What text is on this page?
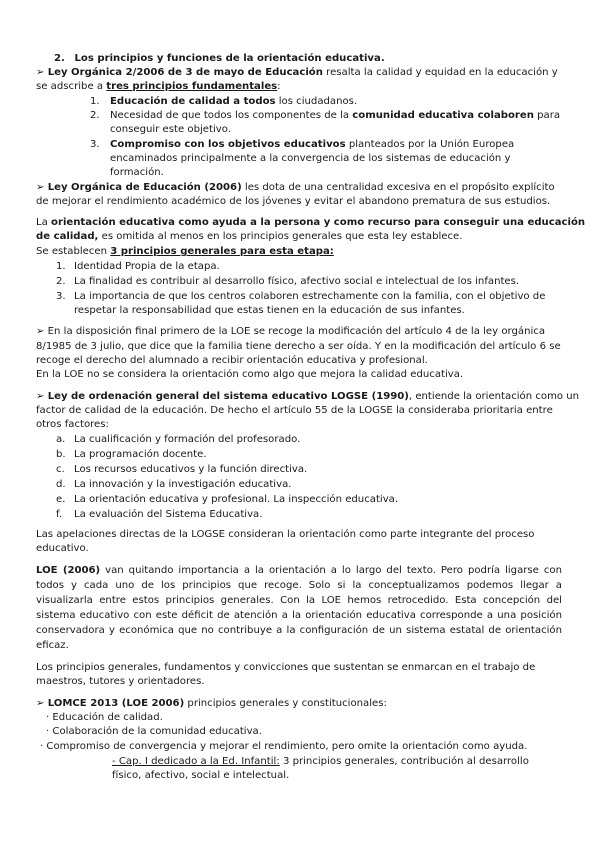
2. Los principios y funciones de la orientación educativa.
➢ Ley Orgánica 2/2006 de 3 de mayo de Educación resalta la calidad y equidad en la educación y
se adscribe a tres principios fundamentales:
1. Educación de calidad a todos los ciudadanos.
2. Necesidad de que todos los componentes de la comunidad educativa colaboren para
conseguir este objetivo.
3. Compromiso con los objetivos educativos planteados por la Unión Europea
encaminados principalmente a la convergencia de los sistemas de educación y
formación.
➢ Ley Orgánica de Educación (2006) les dota de una centralidad excesiva en el propósito explícito
de mejorar el rendimiento académico de los jóvenes y evitar el abandono prematura de sus estudios.
La orientación educativa como ayuda a la persona y como recurso para conseguir una educación
de calidad, es omitida al menos en los principios generales que esta ley establece.
Se establecen 3 principios generales para esta etapa:
1. Identidad Propia de la etapa.
2. La finalidad es contribuir al desarrollo físico, afectivo social e intelectual de los infantes.
3. La importancia de que los centros colaboren estrechamente con la familia, con el objetivo de
respetar la responsabilidad que estas tienen en la educación de sus infantes.
➢ En la disposición final primero de la LOE se recoge la modificación del artículo 4 de la ley orgánica
8/1985 de 3 julio, que dice que la familia tiene derecho a ser oída. Y en la modificación del artículo 6 se
recoge el derecho del alumnado a recibir orientación educativa y profesional.
En la LOE no se considera la orientación como algo que mejora la calidad educativa.
➢ Ley de ordenación general del sistema educativo LOGSE (1990), entiende la orientación como un
factor de calidad de la educación. De hecho el artículo 55 de la LOGSE la consideraba prioritaria entre
otros factores:
a. La cualificación y formación del profesorado.
b. La programación docente.
c. Los recursos educativos y la función directiva.
d. La innovación y la investigación educativa.
e. La orientación educativa y profesional. La inspección educativa.
f. La evaluación del Sistema Educativa.
Las apelaciones directas de la LOGSE consideran la orientación como parte integrante del proceso
educativo.
LOE (2006) van quitando importancia a la orientación a lo largo del texto. Pero podría ligarse con
todos y cada uno de los principios que recoge. Solo si la conceptualizamos podemos llegar a
visualizarla entre estos principios generales. Con la LOE hemos retrocedido. Esta concepción del
sistema educativo con este déficit de atención a la orientación educativa corresponde a una posición
conservadora y económica que no contribuye a la configuración de un sistema estatal de orientación
eficaz.
Los principios generales, fundamentos y convicciones que sustentan se enmarcan en el trabajo de
maestros, tutores y orientadores.
➢ LOMCE 2013 (LOE 2006) principios generales y constitucionales:
· Educación de calidad.
· Colaboración de la comunidad educativa.
· Compromiso de convergencia y mejorar el rendimiento, pero omite la orientación como ayuda.
- Cap. I dedicado a la Ed. Infantil: 3 principios generales, contribución al desarrollo
físico, afectivo, social e intelectual.
